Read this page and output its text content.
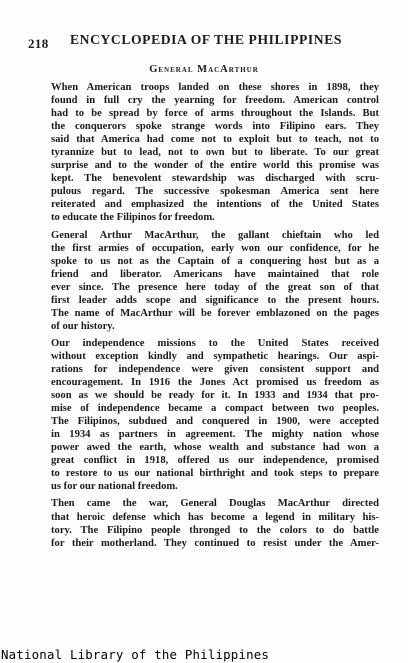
218 ENCYCLOPEDIA OF THE PHILIPPINES
General MacArthur
When American troops landed on these shores in 1898, they
found in full cry the yearning for freedom. American control
had to be spread by force of arms throughout the Islands. But
the conquerors spoke strange words into Filipino ears. They
said that America had come not to exploit but to teach, not to
tyrannize but to lead, not to own but to liberate. To our great
surprise and to the wonder of the entire world this promise was
kept. The benevolent stewardship was discharged with scru-
pulous regard. The successive spokesman America sent here
reiterated and emphasized the intentions of the United States
to educate the Filipinos for freedom.
General Arthur MacArthur, the gallant chieftain who led
the first armies of occupation, early won our confidence, for he
spoke to us not as the Captain of a conquering host but as a
friend and liberator. Americans have maintained that role
ever since. The presence here today of the great son of that
first leader adds scope and significance to the present hours.
The name of MacArthur will be forever emblazoned on the pages
of our history.
Our independence missions to the United States received
without exception kindly and sympathetic hearings. Our aspi-
rations for independence were given consistent support and
encouragement. In 1916 the Jones Act promised us freedom as
soon as we should be ready for it. In 1933 and 1934 that pro-
mise of independence became a compact between two peoples.
The Filipinos, subdued and conquered in 1900, were accepted
in 1934 as partners in agreement. The mighty nation whose
power awed the earth, whose wealth and substance had won a
great conflict in 1918, offered us our independence, promised
to restore to us our national birthright and took steps to prepare
us for our national freedom.
Then came the war, General Douglas MacArthur directed
that heroic defense which has become a legend in military his-
tory. The Filipino people thronged to the colors to do battle
for their motherland. They continued to resist under the Amer-
National Library of the Philippines
